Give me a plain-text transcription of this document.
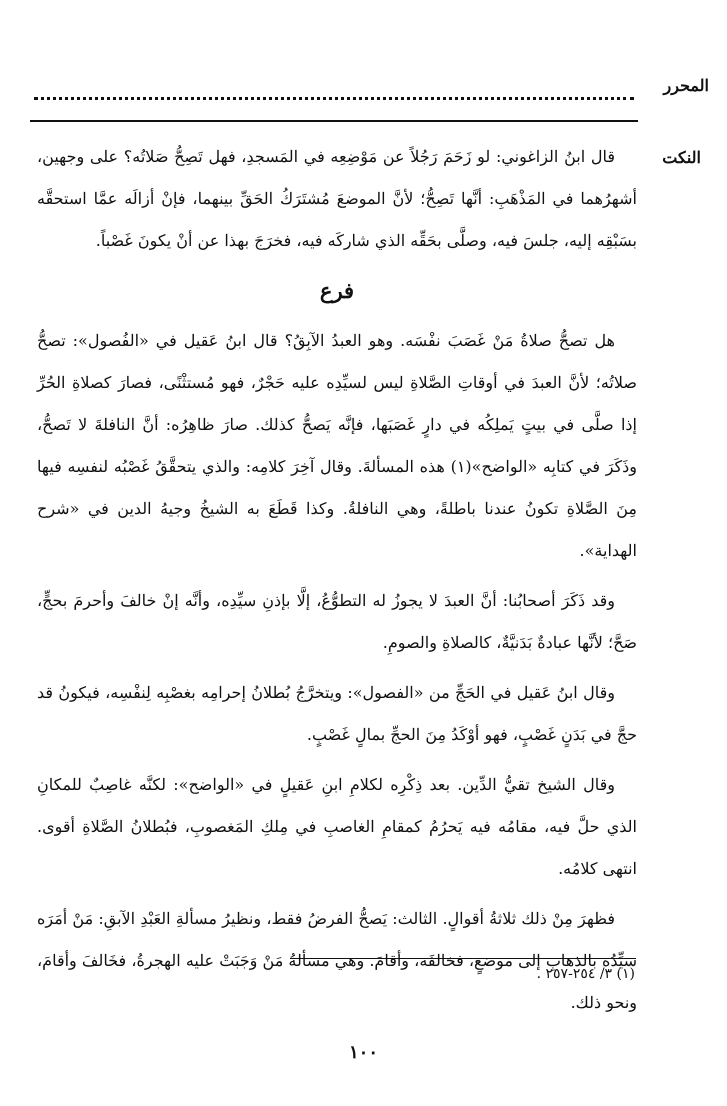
المحرر
النكت

قال ابنُ الزاغوني: لو زَحَمَ رَجُلاً عن مَوْضِعِه في المَسجدِ، فهل تَصِحُّ صَلاتُه؟ على وجهين، أشهرُهما في المَذْهَبِ: أنَّها تَصِحُّ؛ لأنَّ الموضعَ مُشتَرَكُ الحَقِّ بينهما، فإنْ أزالَه عمَّا استحقَّه بسَبْقِه إليه، جلسَ فيه، وصلَّى بحَقِّه الذي شاركَه فيه، فخرَجَ بهذا عن أنْ يكونَ غَصْباً.

فرع

هل تصحُّ صلاةُ مَنْ غَصَبَ نفْسَه. وهو العبدُ الآبِقُ؟ قال ابنُ عَقيل في «الفُصول»: تصحُّ صلاتُه؛ لأنَّ العبدَ في أوقاتِ الصَّلاةِ ليس لسيِّدِه عليه حَجْرٌ، فهو مُستثْنًى، فصارَ كصلاةِ الحُرِّ إذا صلَّى في بيتٍ يَملِكُه في دارٍ غَصَبَها، فإنَّه يَصحُّ كذلك. صارَ ظاهِرُه: أنَّ النافلةَ لا تَصحُّ، وذَكَرَ في كتابِه «الواضح»(١) هذه المسألةَ. وقال آخِرَ كلامِه: والذي يتحقَّقُ غَصْبُه لنفسِه فيها مِنَ الصَّلاةِ تكونُ عندنا باطلةً، وهي النافلةُ. وكذا قَطَعَ به الشيخُ وجيهُ الدين في «شرح الهداية».

وقد ذَكَرَ أصحابُنا: أنَّ العبدَ لا يجوزُ له التطوُّعُ، إلَّا بإذنِ سيِّدِه، وأنَّه إنْ خالفَ وأحرمَ بحجٍّ، صَحَّ؛ لأنَّها عبادةٌ بَدَنيَّةٌ، كالصلاةِ والصومِ.

وقال ابنُ عَقيل في الحَجِّ من «الفصول»: ويتخرَّجُ بُطلانُ إحرامِه بغصْبِه لِنفْسِه، فيكونُ قد حجَّ في بَدَنٍ غَصْبٍ، فهو أوْكَدُ مِنَ الحجِّ بمالٍ غَصْبٍ.

وقال الشيخ تقيُّ الدِّين. بعد ذِكْرِه لكلامِ ابنِ عَقيلٍ في «الواضح»: لكنَّه غاصِبٌ للمكانِ الذي حلَّ فيه، مقامُه فيه يَحرُمُ كمقامِ الغاصبِ في مِلكِ المَغصوبِ، فبُطلانُ الصَّلاةِ أقوى. انتهى كلامُه.

فظهرَ مِنْ ذلك ثلاثةُ أقوالٍ. الثالث: يَصحُّ الفرضُ فقط، ونظيرُ مسألةِ العَبْدِ الآبقِ: مَنْ أمَرَه سيِّدُه بالذهابِ إلى موضعٍ، فخالفَه، وأقامَ. وهي مسألةُ مَنْ وَجَبَتْ عليه الهجرةُ، فخَالفَ وأقامَ، ونحو ذلك.

(١) ٣/ ٢٥٤-٢٥٧ .
١٠٠
